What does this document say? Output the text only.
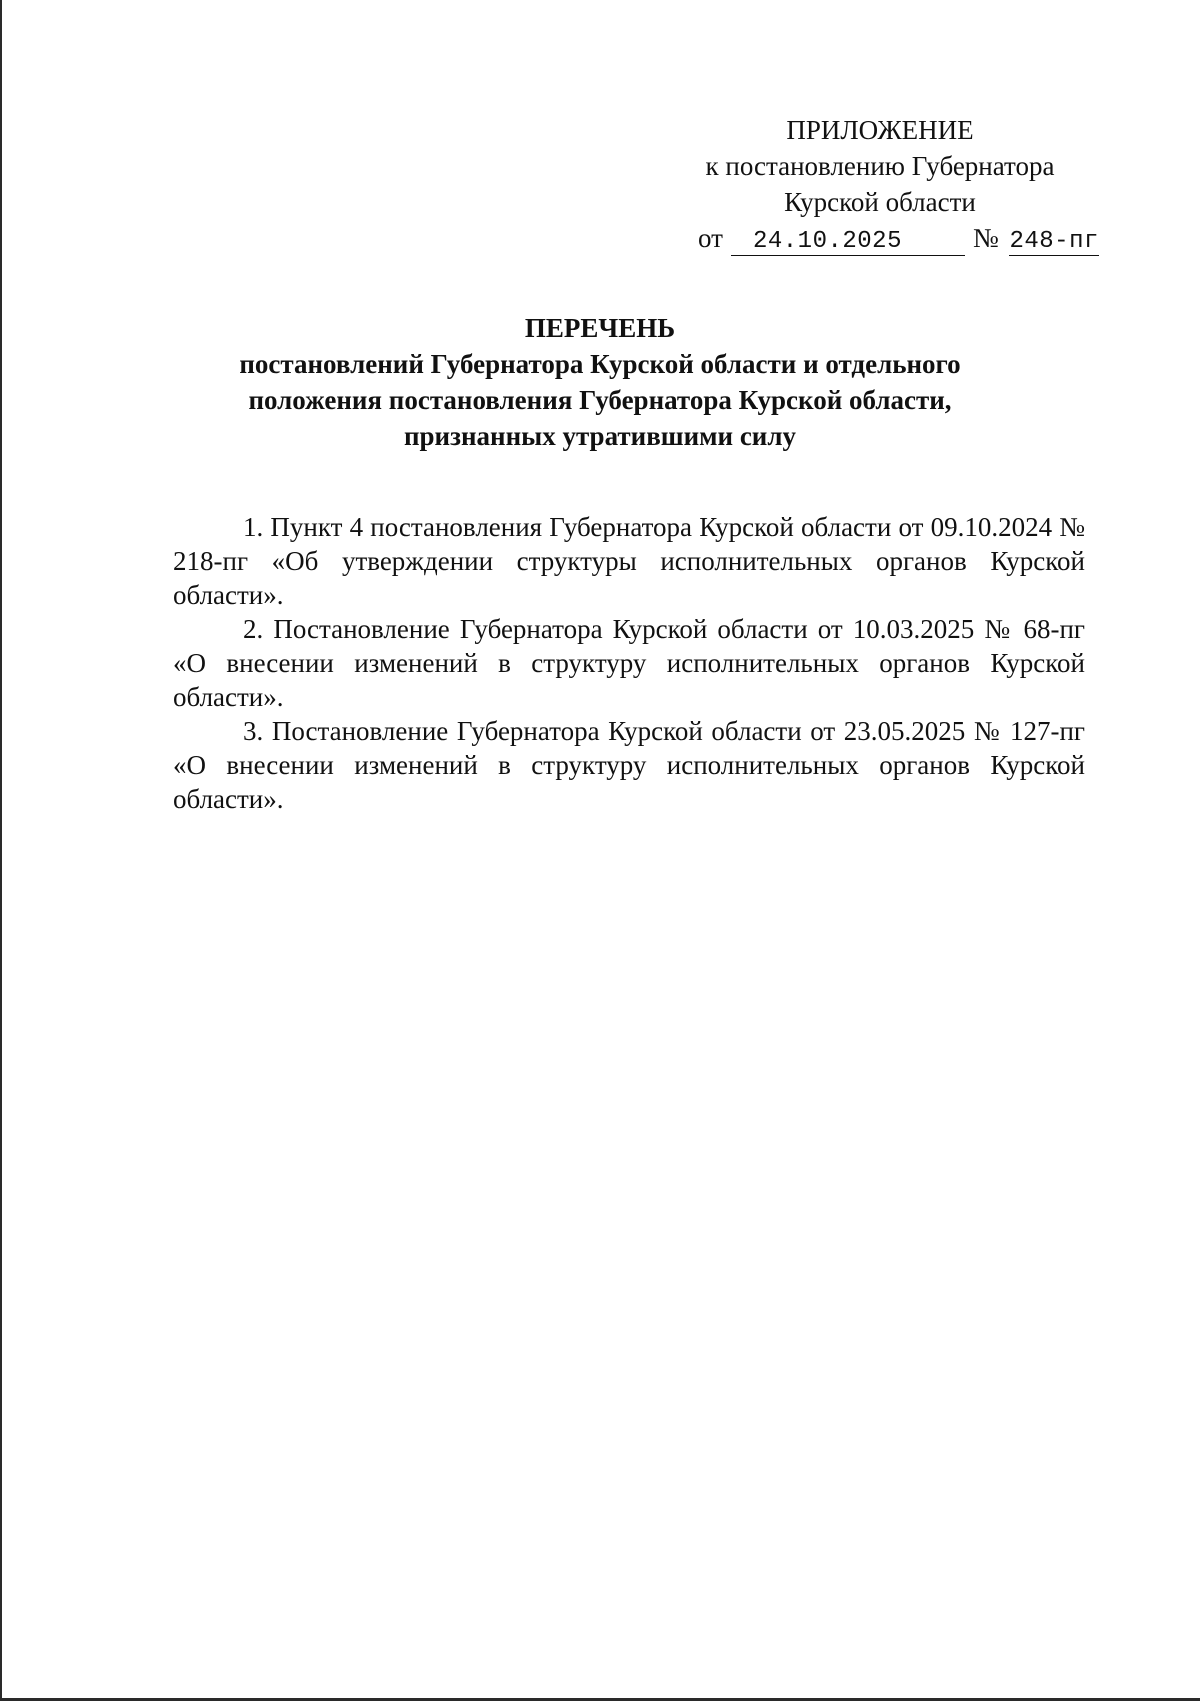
ПРИЛОЖЕНИЕ
к постановлению Губернатора
Курской области
от 24.10.2025	№ 248-пг
ПЕРЕЧЕНЬ
постановлений Губернатора Курской области и отдельного
положения постановления Губернатора Курской области,
признанных утратившими силу

1. Пункт 4 постановления Губернатора Курской области от 09.10.2024 № 218-пг «Об утверждении структуры исполнительных органов Курской области».

2. Постановление Губернатора Курской области от 10.03.2025 № 68-пг «О внесении изменений в структуру исполнительных органов Курской области».

3. Постановление Губернатора Курской области от 23.05.2025 № 127-пг «О внесении изменений в структуру исполнительных органов Курской области».
